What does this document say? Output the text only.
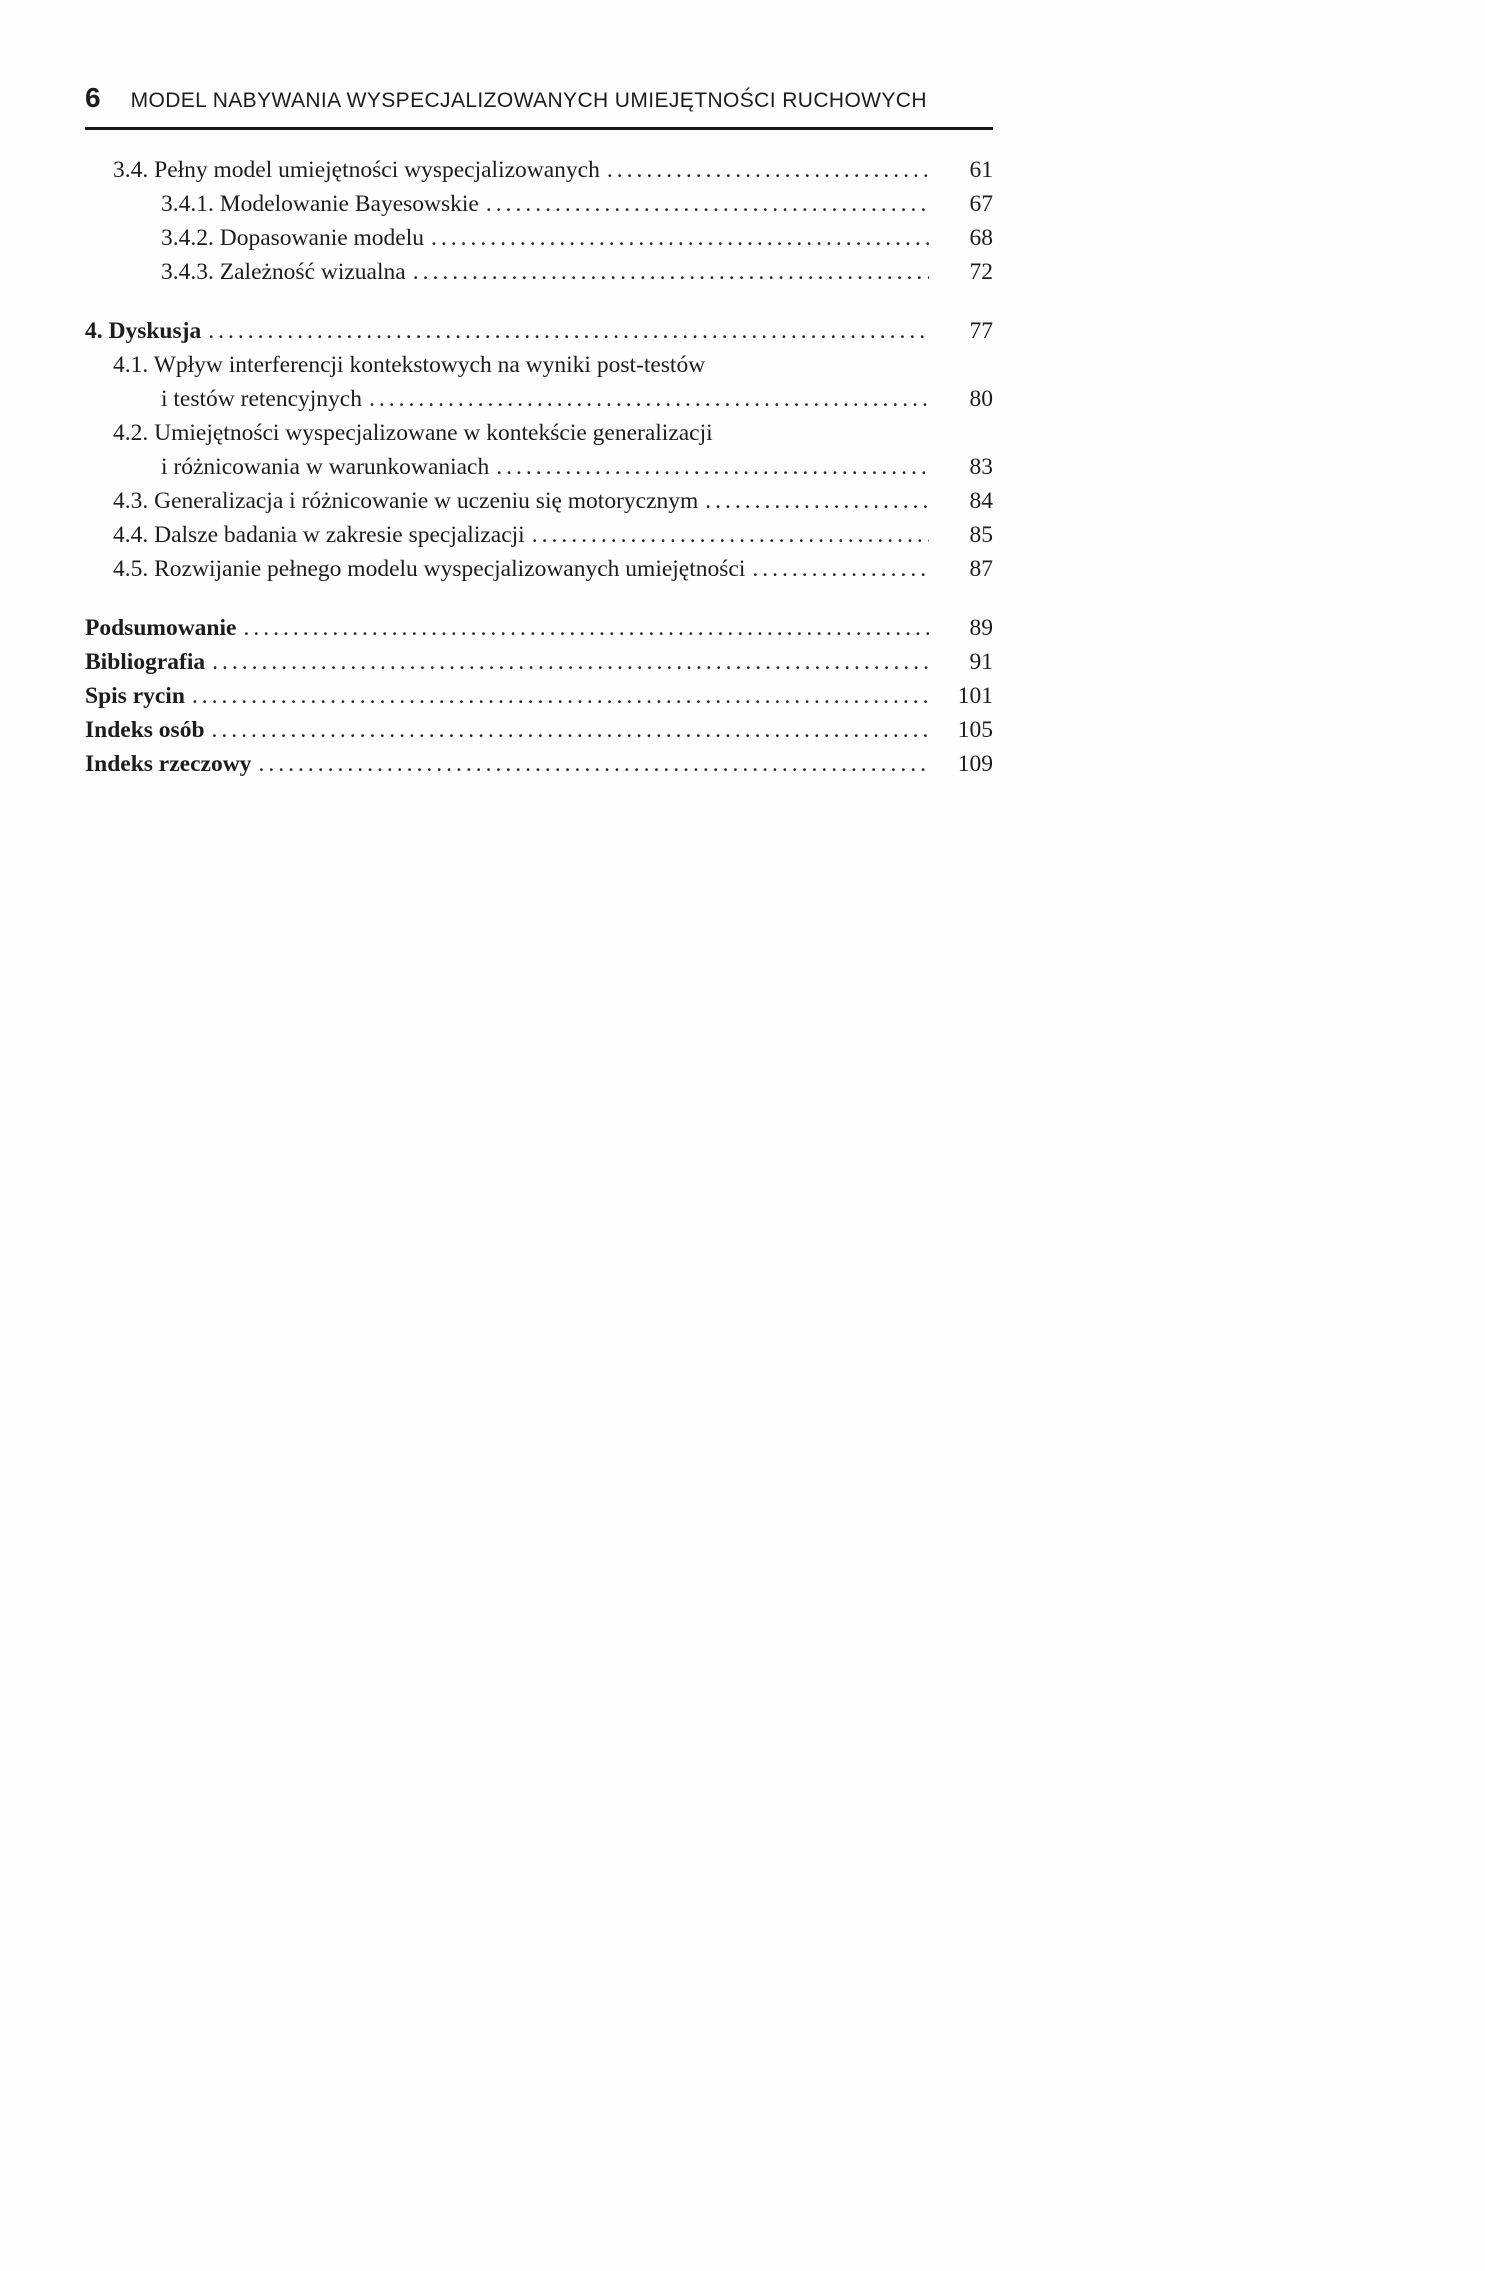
6 MODEL NABYWANIA WYSPECJALIZOWANYCH UMIEJĘTNOŚCI RUCHOWYCH
3.4. Pełny model umiejętności wyspecjalizowanych .....	61
3.4.1. Modelowanie Bayesowskie .....	67
3.4.2. Dopasowanie modelu .....	68
3.4.3. Zależność wizualna .....	72
4. Dyskusja .....	77
4.1. Wpływ interferencji kontekstowych na wyniki post-testów
i testów retencyjnych .....	80
4.2. Umiejętności wyspecjalizowane w kontekście generalizacji
i różnicowania w warunkowaniach .....	83
4.3. Generalizacja i różnicowanie w uczeniu się motorycznym .....	84
4.4. Dalsze badania w zakresie specjalizacji .....	85
4.5. Rozwijanie pełnego modelu wyspecjalizowanych umiejętności .....	87
Podsumowanie .....	89
Bibliografia .....	91
Spis rycin .....	101
Indeks osób .....	105
Indeks rzeczowy .....	109
